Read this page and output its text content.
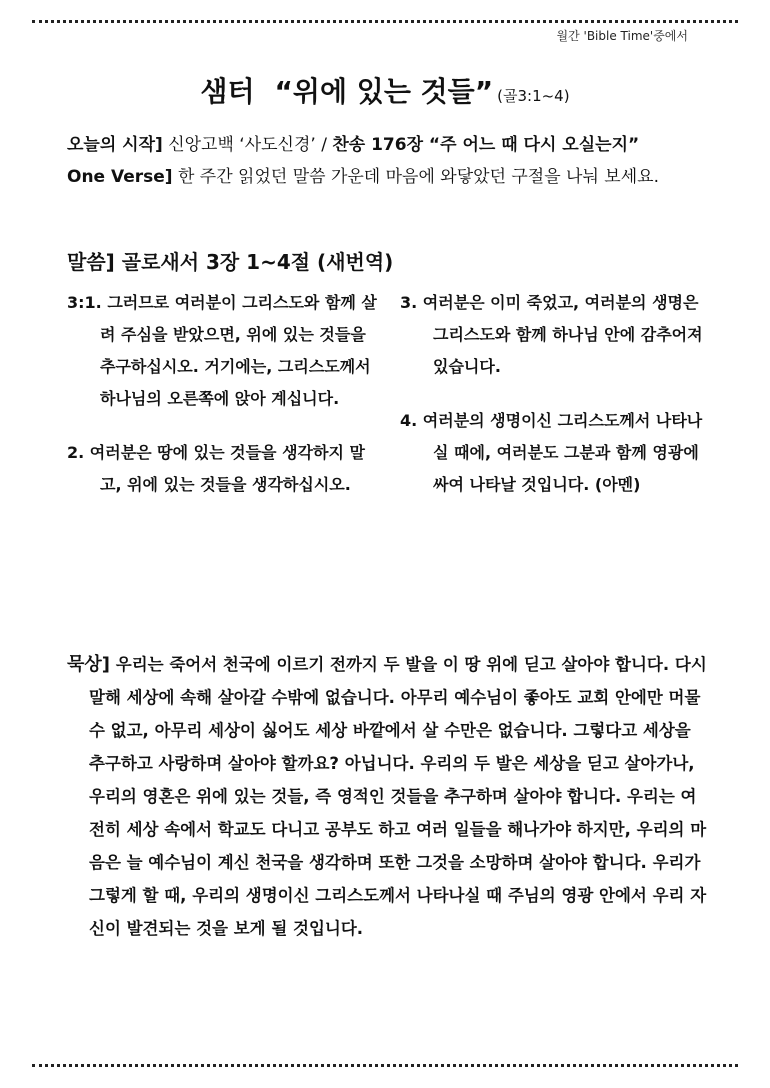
월간 'Bible Time'중에서
샘터 “위에 있는 것들” (골3:1~4)
오늘의 시작] 신앙고백 ‘사도신경’ / 찬송 176장 “주 어느 때 다시 오실는지”
One Verse] 한 주간 읽었던 말씀 가운데 마음에 와닿았던 구절을 나눠 보세요.
말씀] 골로새서 3장 1~4절 (새번역)

3:1. 그러므로 여러분이 그리스도와 함께 살려 주심을 받았으면, 위에 있는 것들을 추구하십시오. 거기에는, 그리스도께서 하나님의 오른쪽에 앉아 계십니다.

2. 여러분은 땅에 있는 것들을 생각하지 말고, 위에 있는 것들을 생각하십시오.

3. 여러분은 이미 죽었고, 여러분의 생명은 그리스도와 함께 하나님 안에 감추어져 있습니다.

4. 여러분의 생명이신 그리스도께서 나타나실 때에, 여러분도 그분과 함께 영광에 싸여 나타날 것입니다. (아멘)

묵상] 우리는 죽어서 천국에 이르기 전까지 두 발을 이 땅 위에 딛고 살아야 합니다. 다시 말해 세상에 속해 살아갈 수밖에 없습니다. 아무리 예수님이 좋아도 교회 안에만 머물 수 없고, 아무리 세상이 싫어도 세상 바깥에서 살 수만은 없습니다. 그렇다고 세상을 추구하고 사랑하며 살아야 할까요? 아닙니다. 우리의 두 발은 세상을 딛고 살아가나, 우리의 영혼은 위에 있는 것들, 즉 영적인 것들을 추구하며 살아야 합니다. 우리는 여전히 세상 속에서 학교도 다니고 공부도 하고 여러 일들을 해나가야 하지만, 우리의 마음은 늘 예수님이 계신 천국을 생각하며 또한 그것을 소망하며 살아야 합니다. 우리가 그렇게 할 때, 우리의 생명이신 그리스도께서 나타나실 때 주님의 영광 안에서 우리 자신이 발견되는 것을 보게 될 것입니다.
